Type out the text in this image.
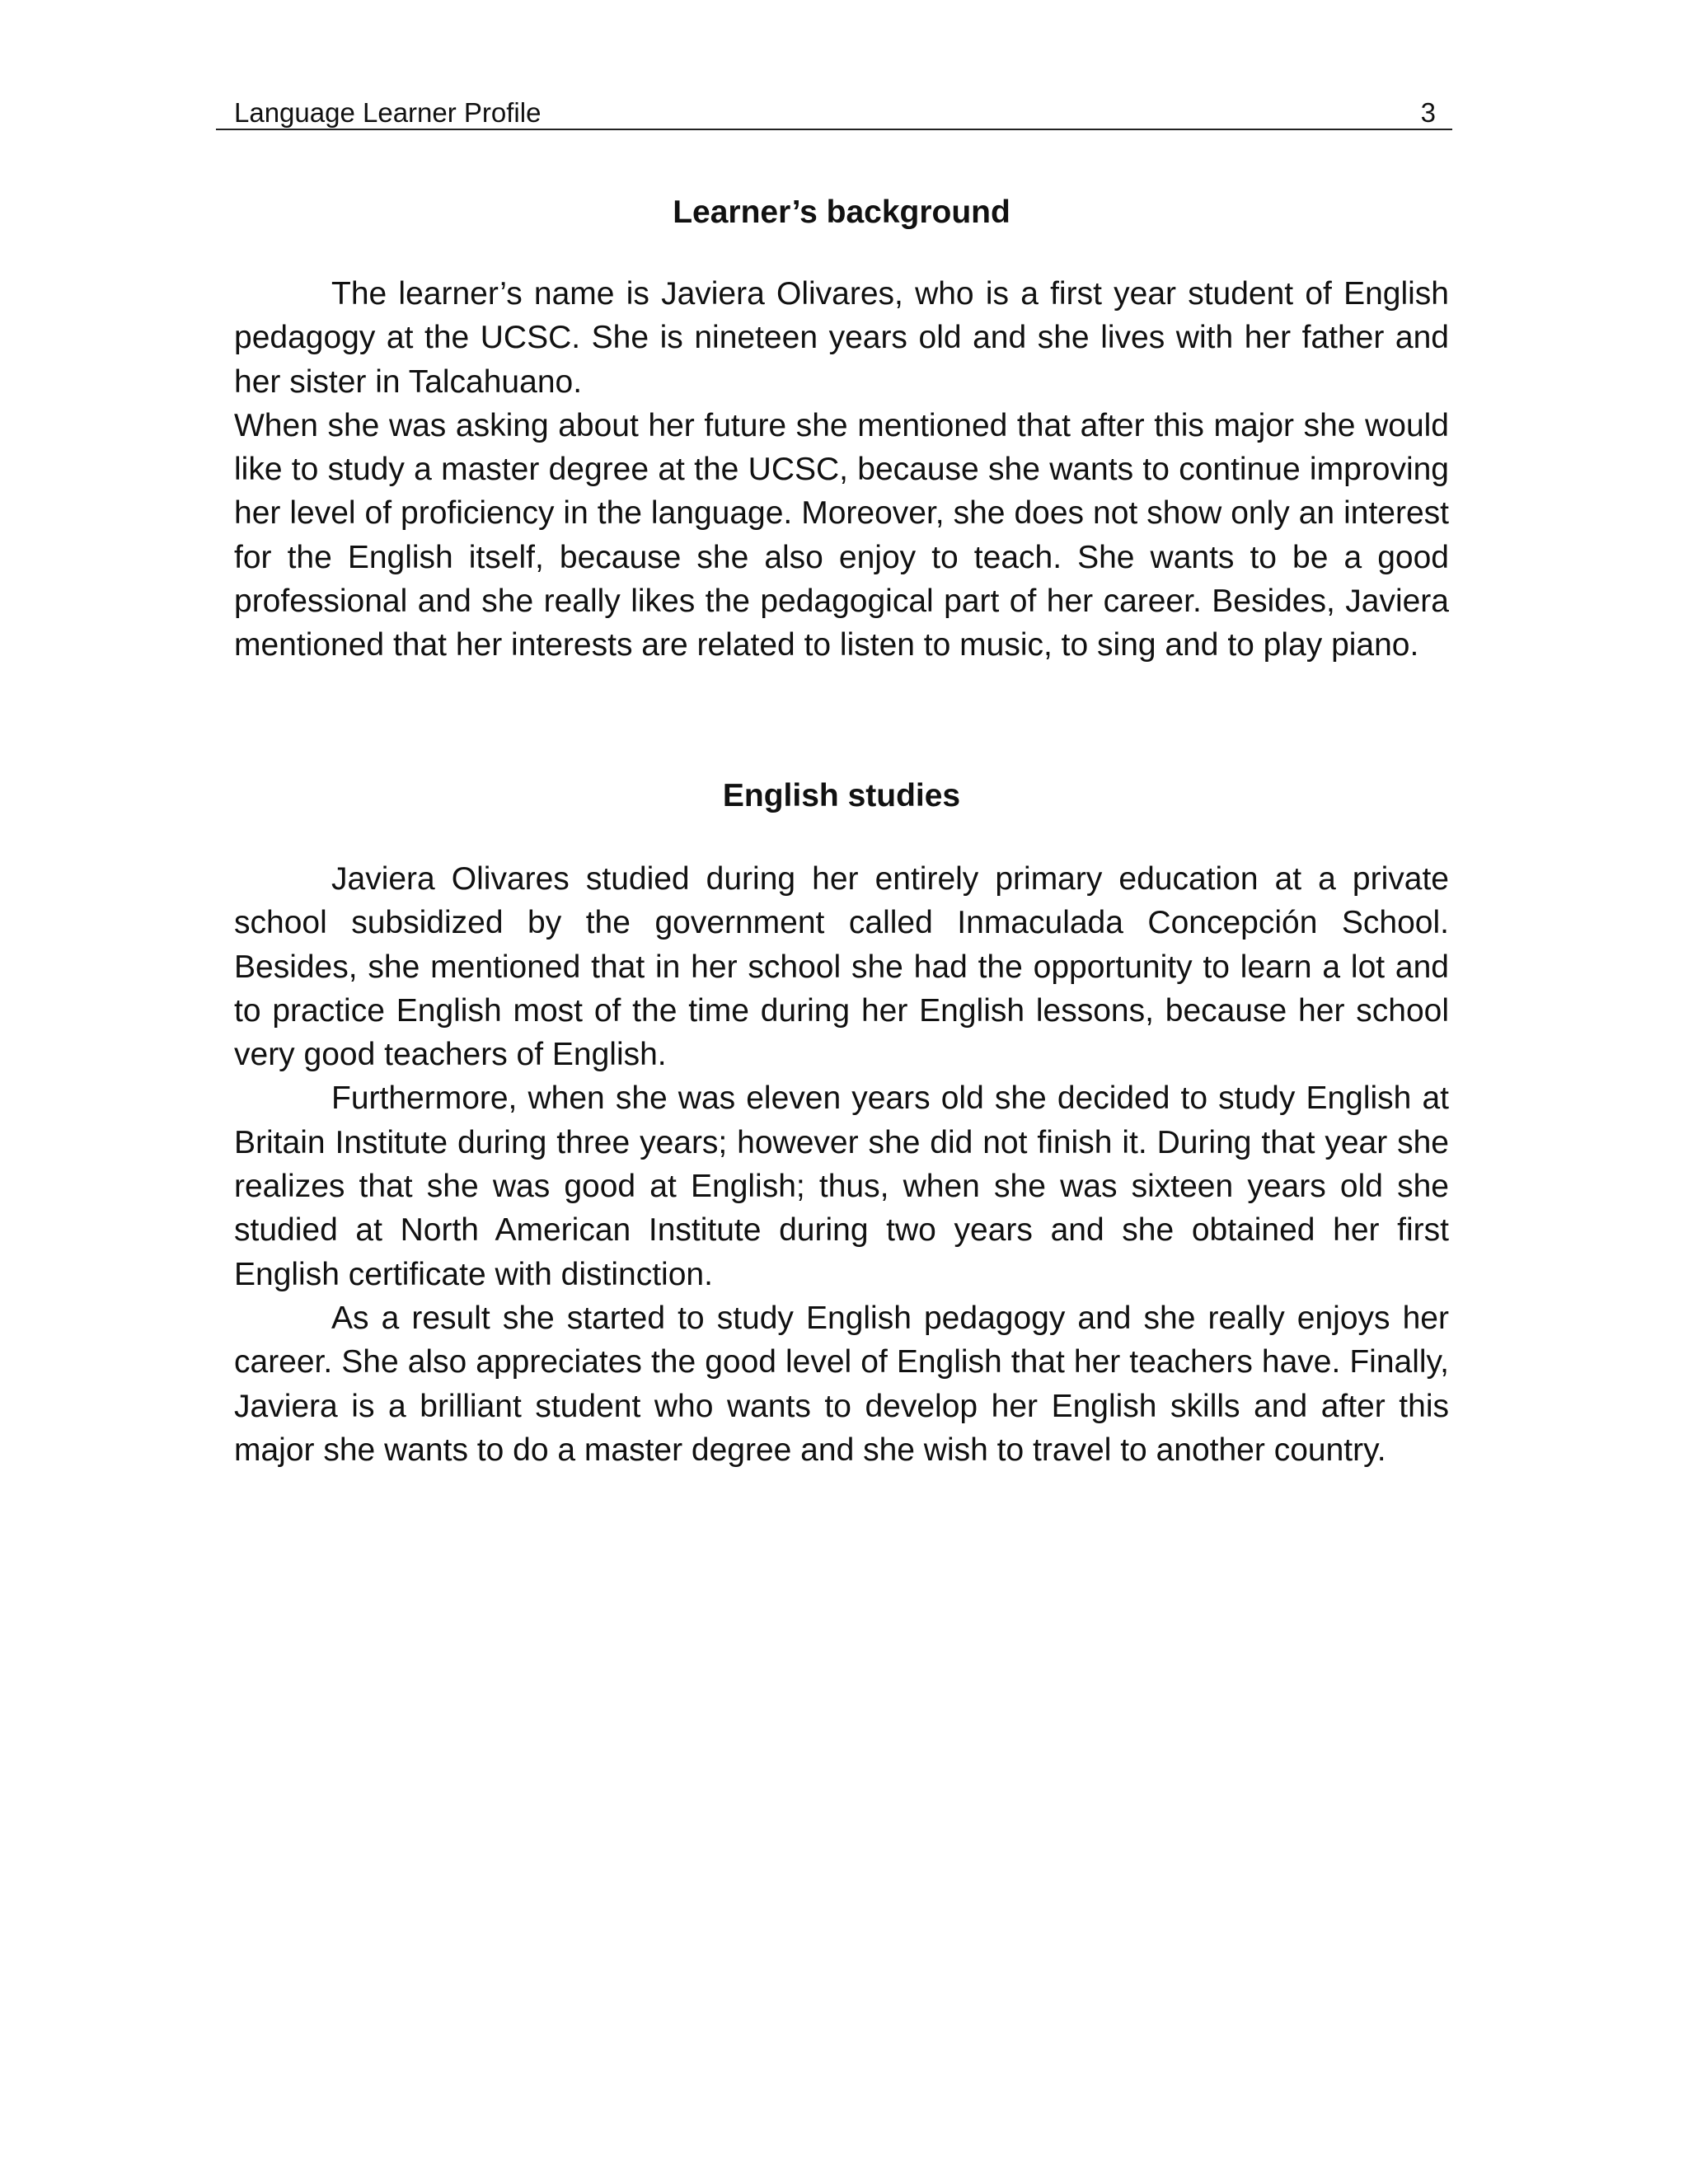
Language Learner Profile	3
Learner’s background

The learner’s name is Javiera Olivares, who is a first year student of English pedagogy at the UCSC. She is nineteen years old and she lives with her father and her sister in Talcahuano.

When she was asking about her future she mentioned that after this major she would like to study a master degree at the UCSC, because she wants to continue improving her level of proficiency in the language. Moreover, she does not show only an interest for the English itself, because she also enjoy to teach. She wants to be a good professional and she really likes the pedagogical part of her career. Besides, Javiera mentioned that her interests are related to listen to music, to sing and to play piano.

English studies

Javiera Olivares studied during her entirely primary education at a private school subsidized by the government called Inmaculada Concepción School. Besides, she mentioned that in her school she had the opportunity to learn a lot and to practice English most of the time during her English lessons, because her school very good teachers of English.

Furthermore, when she was eleven years old she decided to study English at Britain Institute during three years; however she did not finish it. During that year she realizes that she was good at English; thus, when she was sixteen years old she studied at North American Institute during two years and she obtained her first English certificate with distinction.

As a result she started to study English pedagogy and she really enjoys her career. She also appreciates the good level of English that her teachers have. Finally, Javiera is a brilliant student who wants to develop her English skills and after this major she wants to do a master degree and she wish to travel to another country.
